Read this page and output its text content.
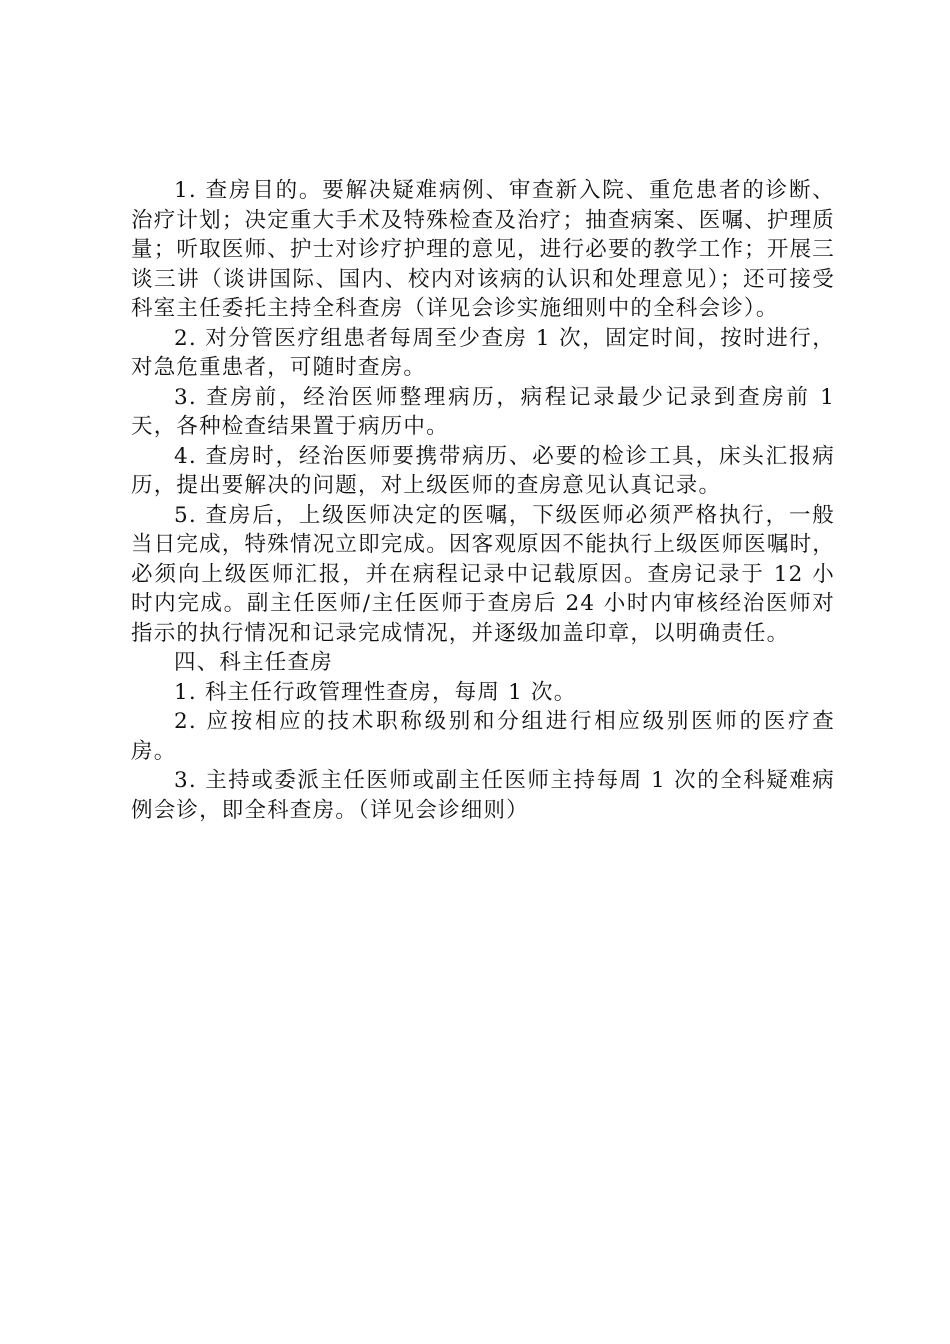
1. 查房目的。要解决疑难病例、审查新入院、重危患者的诊断、治疗计划；决定重大手术及特殊检查及治疗；抽查病案、医嘱、护理质量；听取医师、护士对诊疗护理的意见，进行必要的教学工作；开展三谈三讲（谈讲国际、国内、校内对该病的认识和处理意见）；还可接受科室主任委托主持全科查房（详见会诊实施细则中的全科会诊）。

2. 对分管医疗组患者每周至少查房 1 次，固定时间，按时进行，对急危重患者，可随时查房。

3. 查房前，经治医师整理病历，病程记录最少记录到查房前 1 天，各种检查结果置于病历中。

4. 查房时，经治医师要携带病历、必要的检诊工具，床头汇报病历，提出要解决的问题，对上级医师的查房意见认真记录。

5. 查房后，上级医师决定的医嘱，下级医师必须严格执行，一般当日完成，特殊情况立即完成。因客观原因不能执行上级医师医嘱时，必须向上级医师汇报，并在病程记录中记载原因。查房记录于 12 小时内完成。副主任医师/主任医师于查房后 24 小时内审核经治医师对指示的执行情况和记录完成情况，并逐级加盖印章，以明确责任。

四、科主任查房

1. 科主任行政管理性查房，每周 1 次。

2. 应按相应的技术职称级别和分组进行相应级别医师的医疗查房。

3. 主持或委派主任医师或副主任医师主持每周 1 次的全科疑难病例会诊，即全科查房。（详见会诊细则）
